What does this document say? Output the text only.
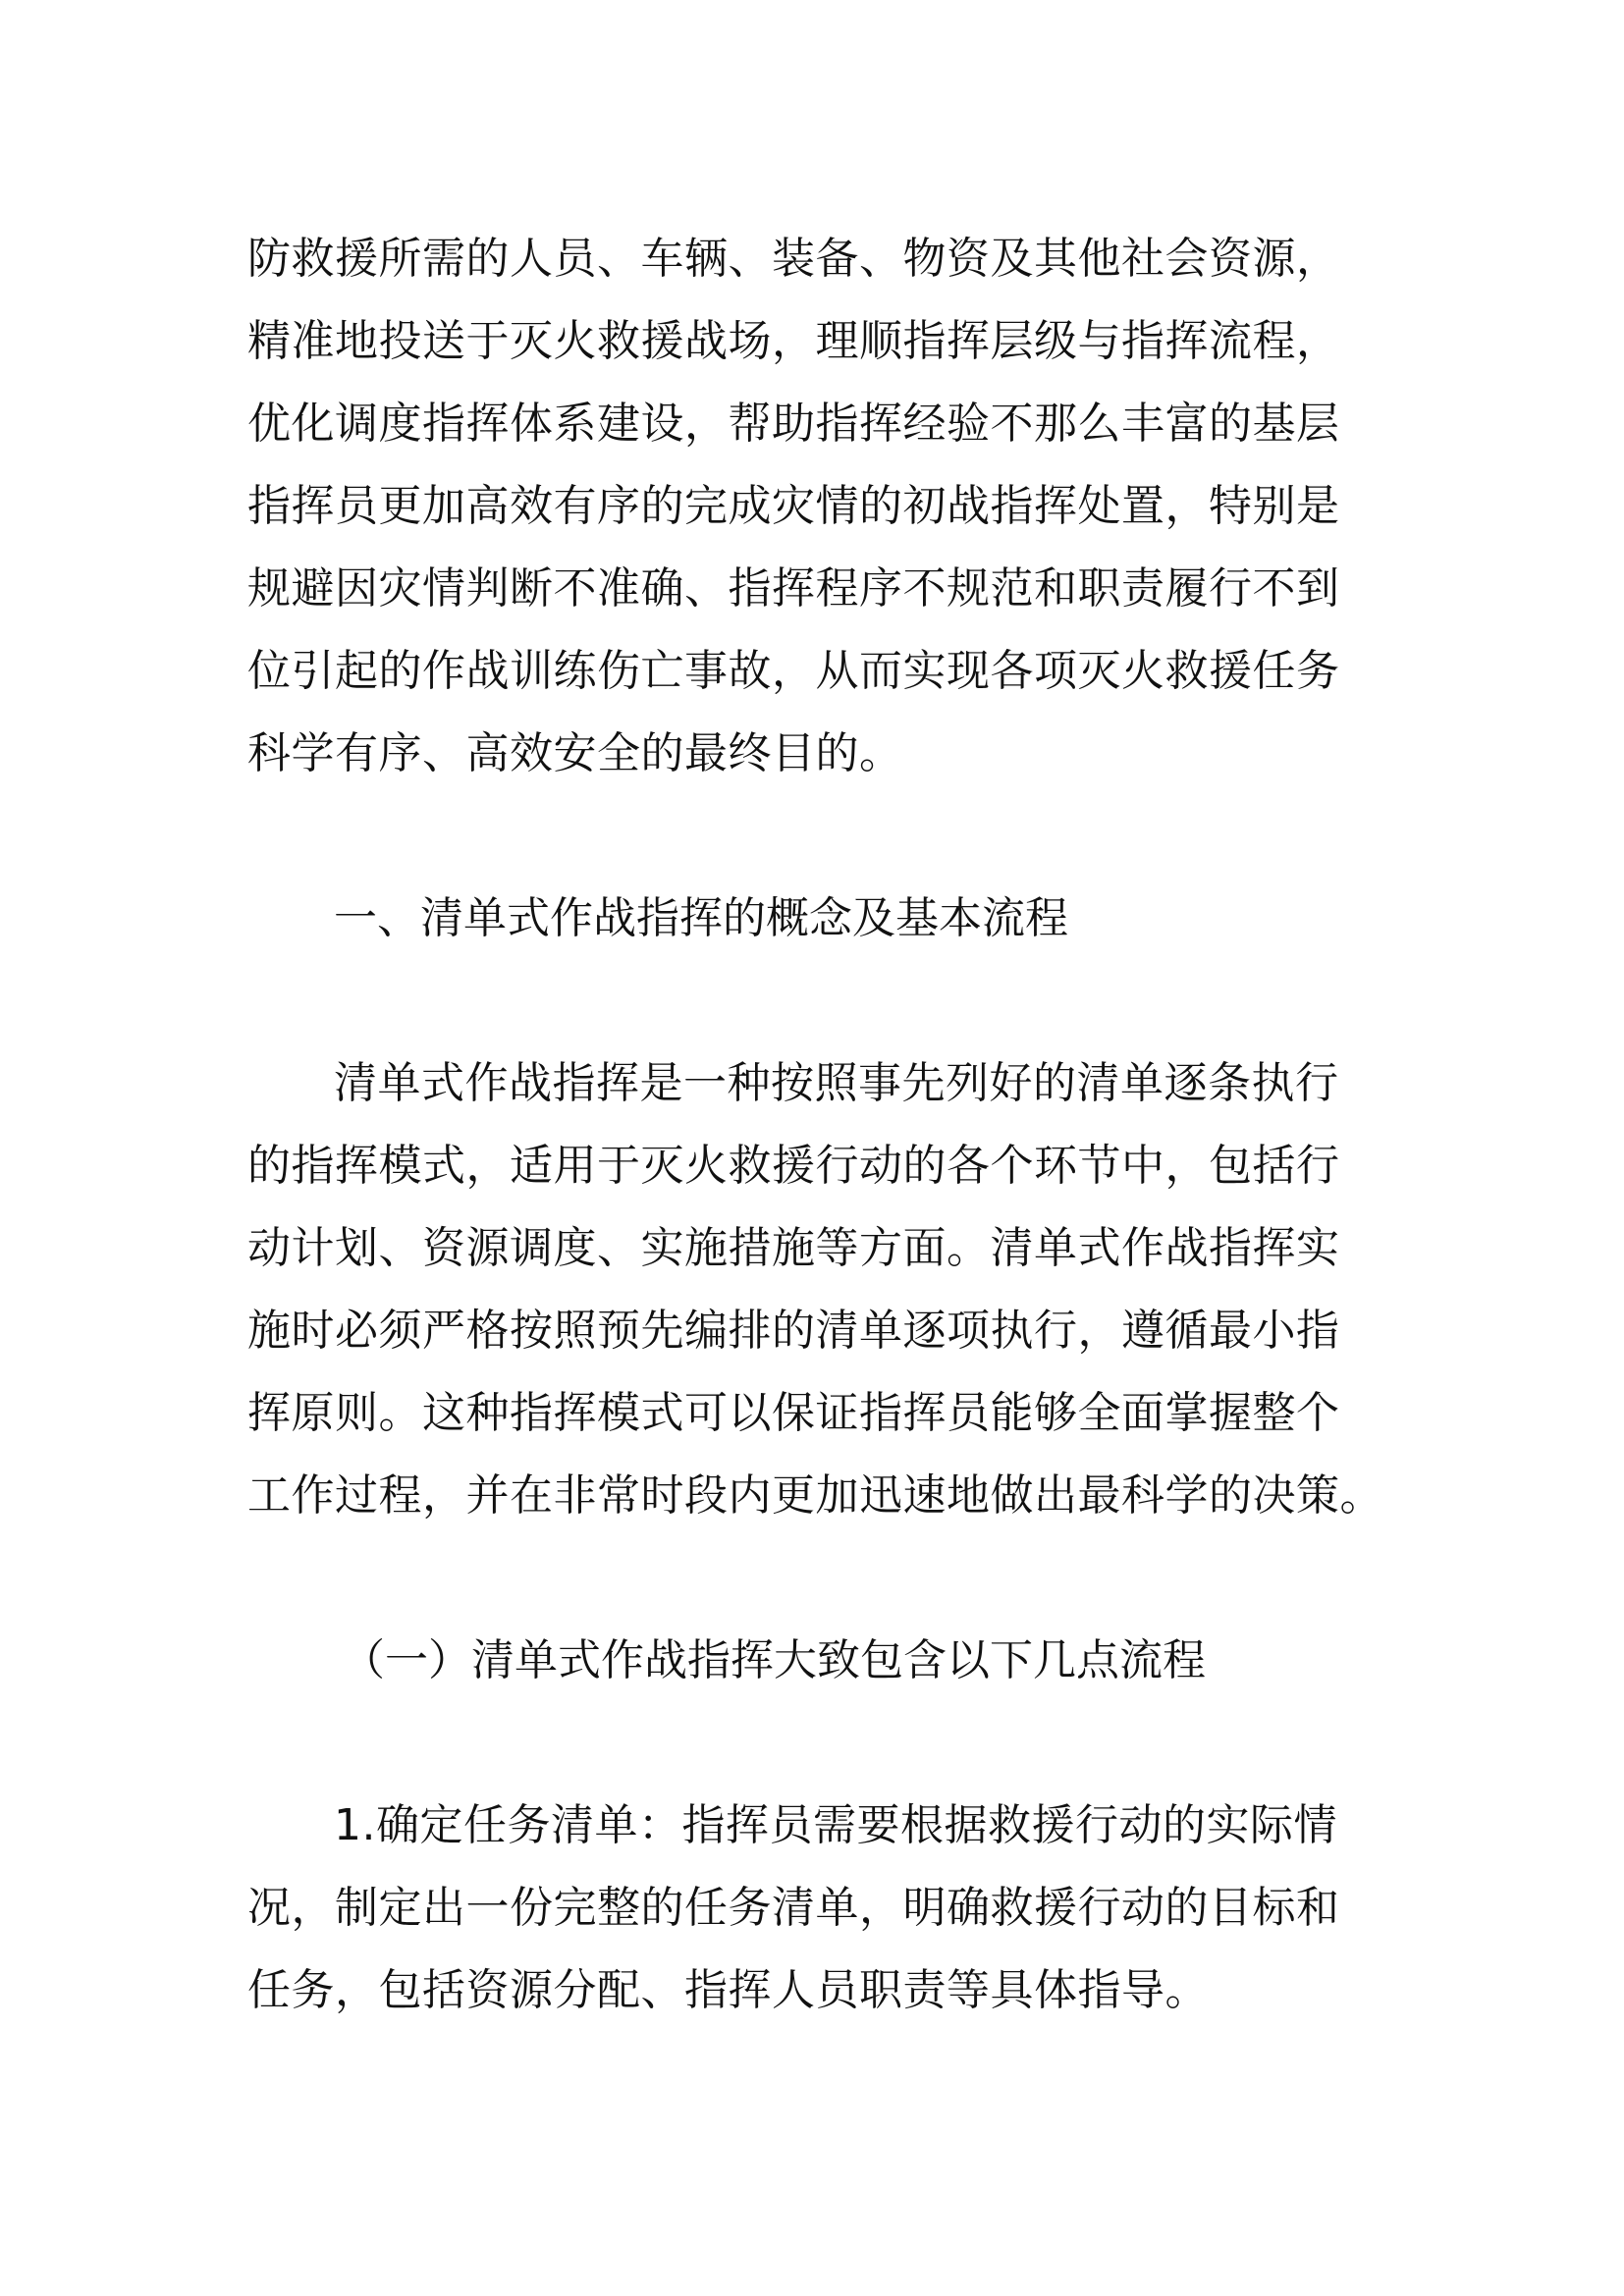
防救援所需的人员、车辆、装备、物资及其他社会资源，
精准地投送于灭火救援战场，理顺指挥层级与指挥流程，
优化调度指挥体系建设，帮助指挥经验不那么丰富的基层
指挥员更加高效有序的完成灾情的初战指挥处置，特别是
规避因灾情判断不准确、指挥程序不规范和职责履行不到
位引起的作战训练伤亡事故，从而实现各项灭火救援任务
科学有序、高效安全的最终目的。
一、清单式作战指挥的概念及基本流程
清单式作战指挥是一种按照事先列好的清单逐条执行
的指挥模式，适用于灭火救援行动的各个环节中，包括行
动计划、资源调度、实施措施等方面。清单式作战指挥实
施时必须严格按照预先编排的清单逐项执行，遵循最小指
挥原则。这种指挥模式可以保证指挥员能够全面掌握整个
工作过程，并在非常时段内更加迅速地做出最科学的决策。
（一）清单式作战指挥大致包含以下几点流程
1.确定任务清单：指挥员需要根据救援行动的实际情
况，制定出一份完整的任务清单，明确救援行动的目标和
任务，包括资源分配、指挥人员职责等具体指导。
